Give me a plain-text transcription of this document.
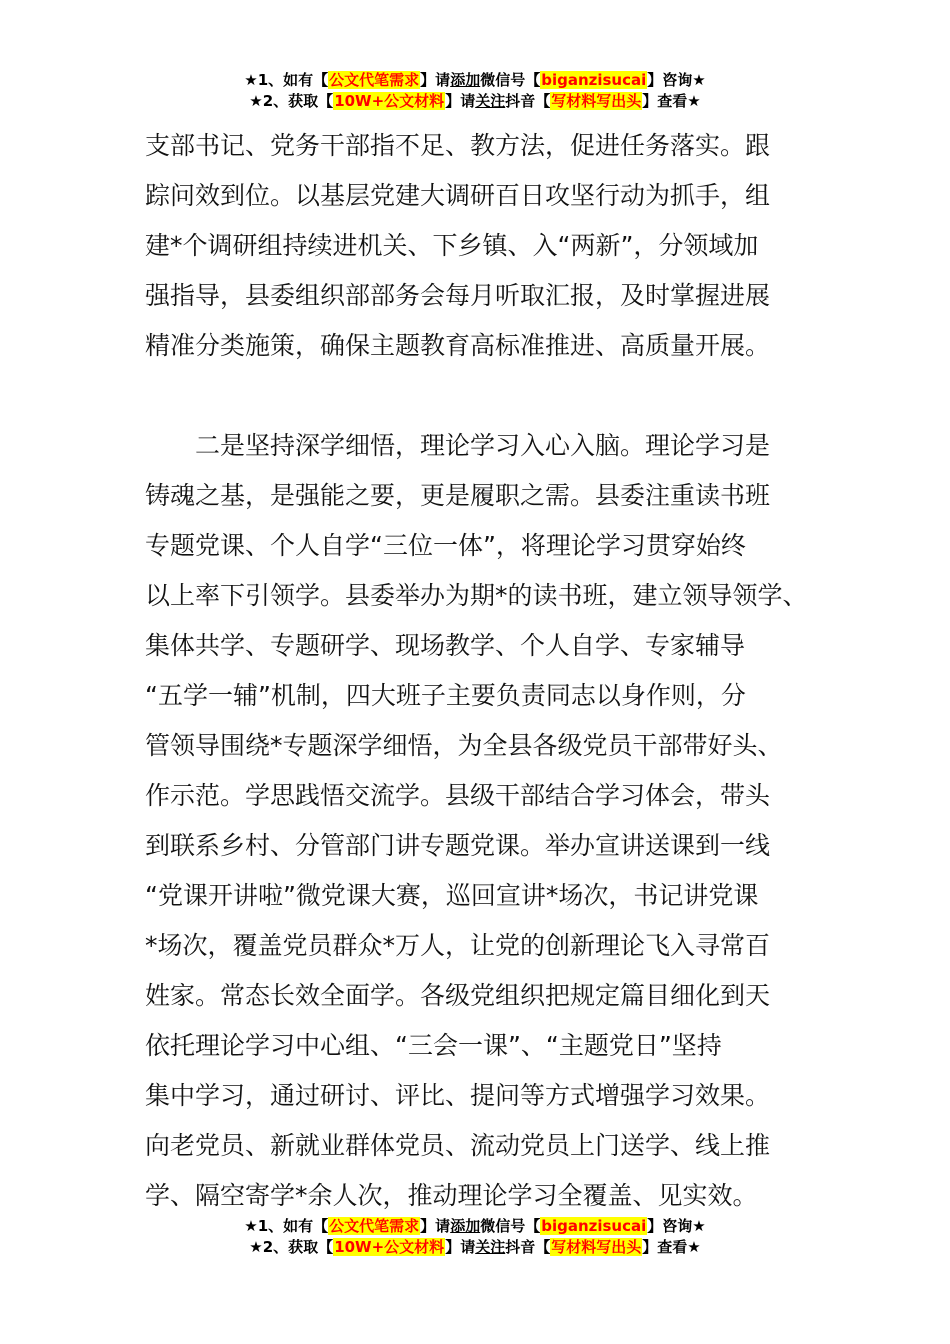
★1、如有【公文代笔需求】请添加微信号【biganzisucai】咨询★
★2、获取【10W+公文材料】请关注抖音【写材料写出头】查看★
支部书记、党务干部指不足、教方法，促进任务落实。跟
踪问效到位。以基层党建大调研百日攻坚行动为抓手，组
建*个调研组持续进机关、下乡镇、入“两新”，分领域加
强指导，县委组织部部务会每月听取汇报，及时掌握进展
精准分类施策，确保主题教育高标准推进、高质量开展。
　　二是坚持深学细悟，理论学习入心入脑。理论学习是
铸魂之基，是强能之要，更是履职之需。县委注重读书班
专题党课、个人自学“三位一体”，将理论学习贯穿始终
以上率下引领学。县委举办为期*的读书班，建立领导领学、
集体共学、专题研学、现场教学、个人自学、专家辅导
“五学一辅”机制，四大班子主要负责同志以身作则，分
管领导围绕*专题深学细悟，为全县各级党员干部带好头、
作示范。学思践悟交流学。县级干部结合学习体会，带头
到联系乡村、分管部门讲专题党课。举办宣讲送课到一线
“党课开讲啦”微党课大赛，巡回宣讲*场次，书记讲党课
*场次，覆盖党员群众*万人，让党的创新理论飞入寻常百
姓家。常态长效全面学。各级党组织把规定篇目细化到天
依托理论学习中心组、“三会一课”、“主题党日”坚持
集中学习，通过研讨、评比、提问等方式增强学习效果。
向老党员、新就业群体党员、流动党员上门送学、线上推
学、隔空寄学*余人次，推动理论学习全覆盖、见实效。
★1、如有【公文代笔需求】请添加微信号【biganzisucai】咨询★
★2、获取【10W+公文材料】请关注抖音【写材料写出头】查看★
